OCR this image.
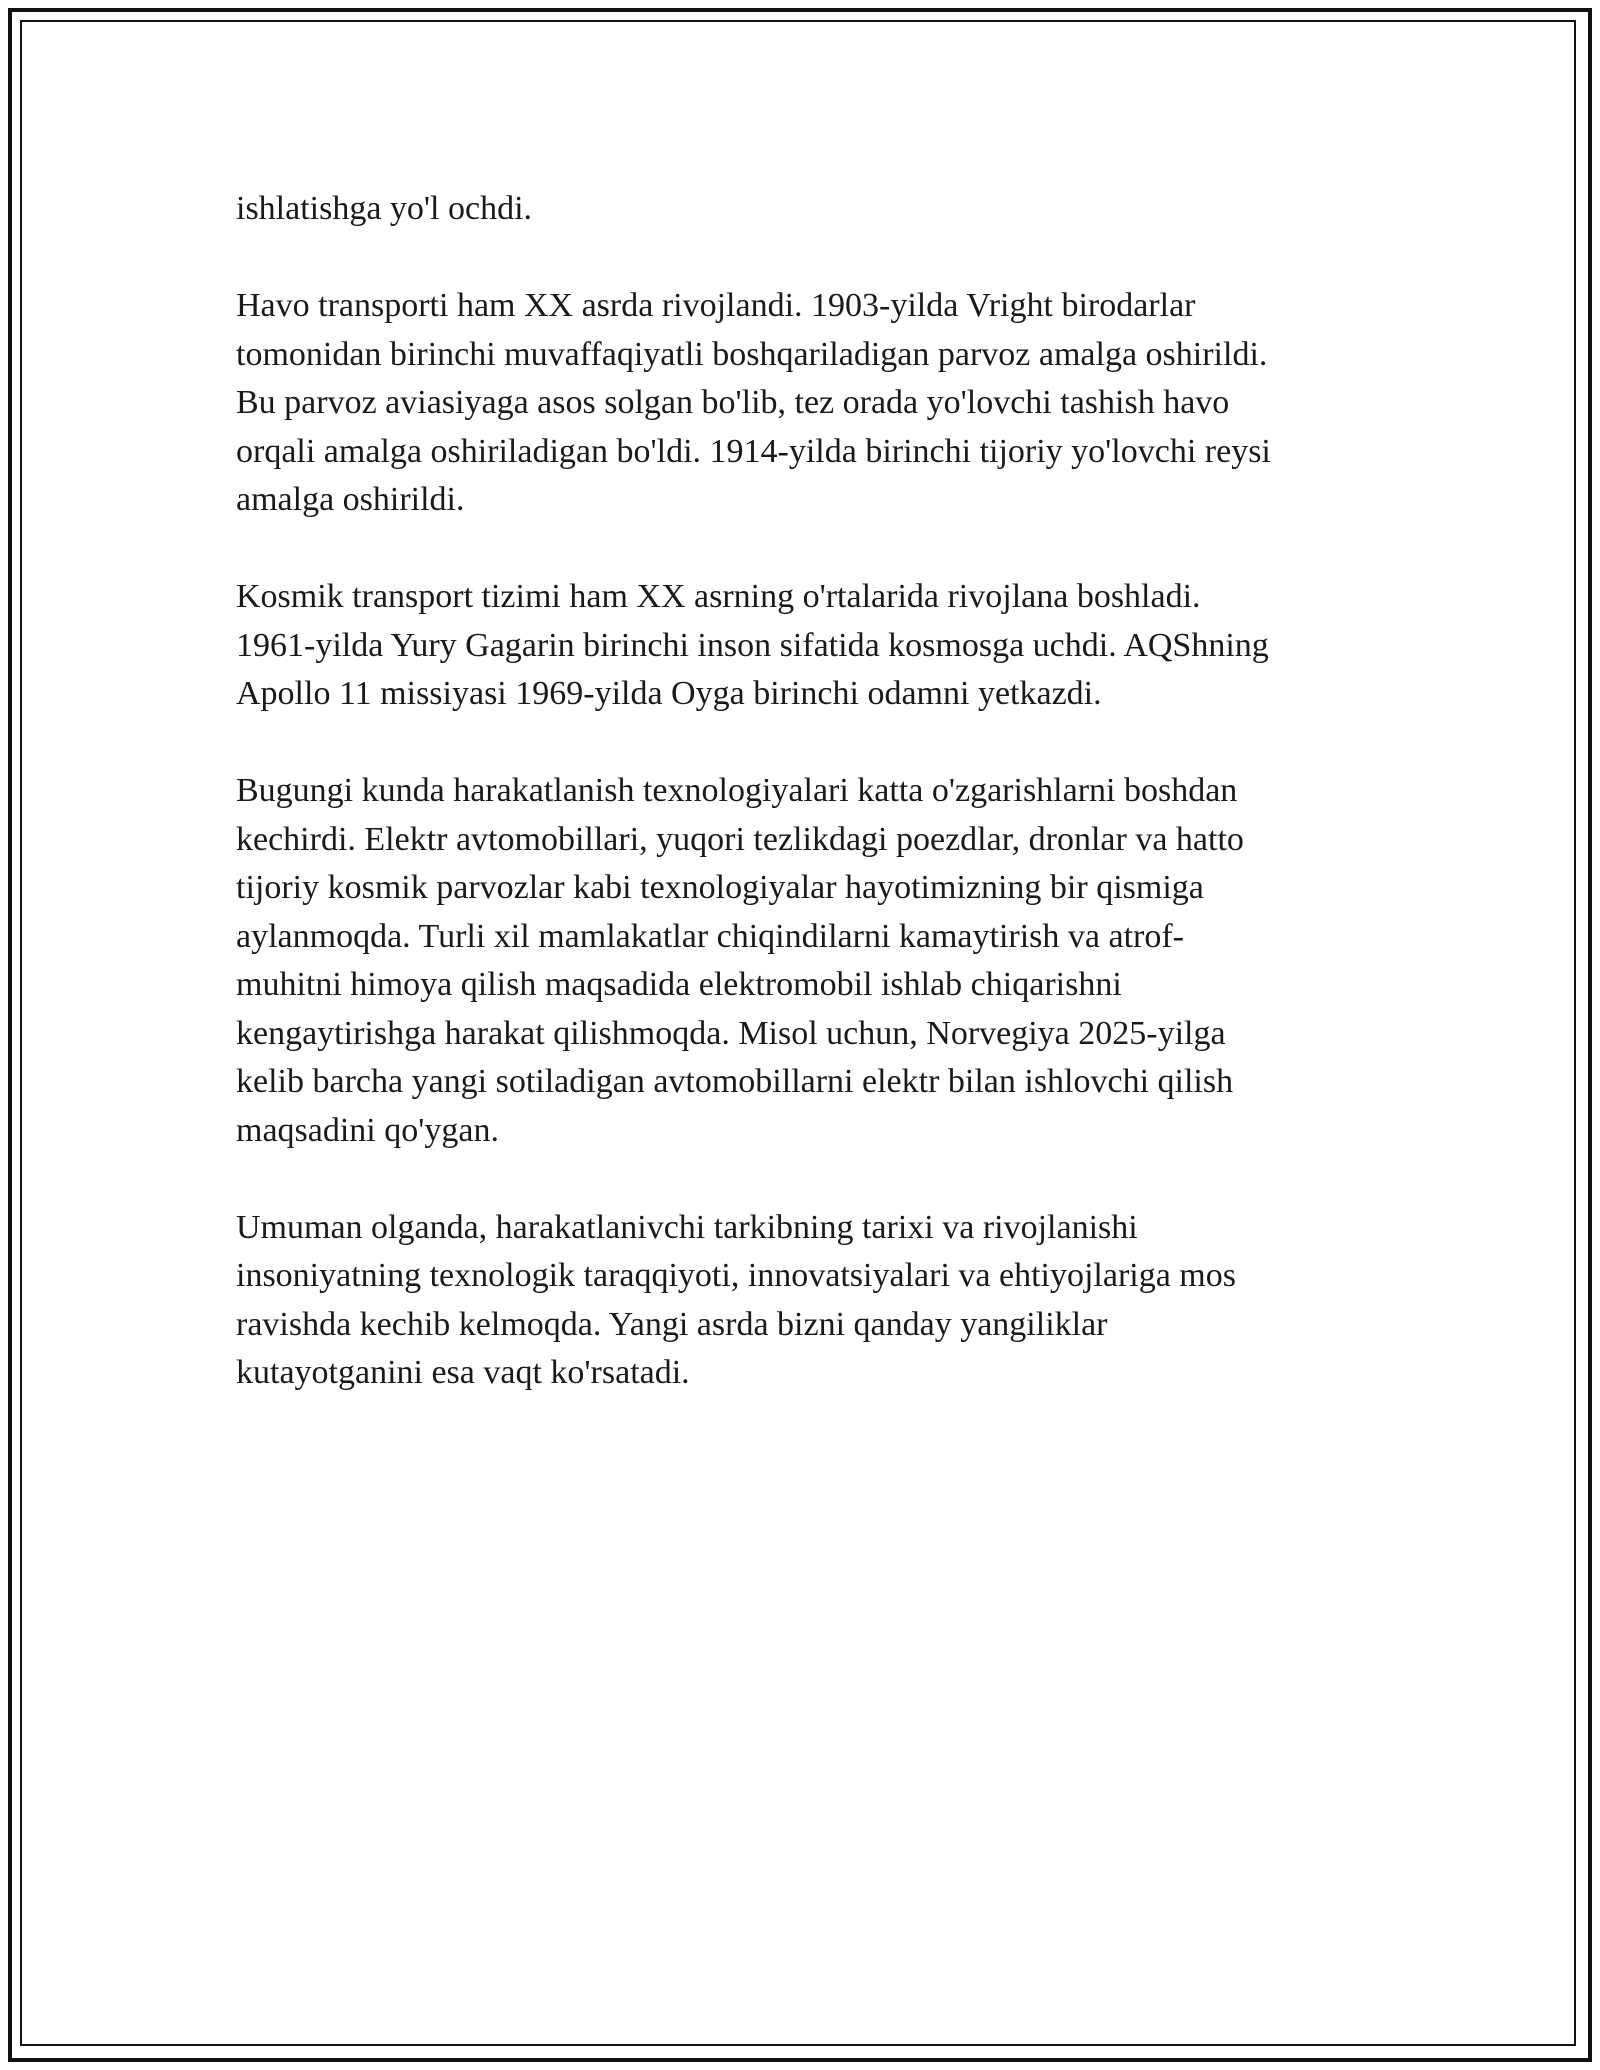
ishlatishga yo'l ochdi.

Havo transporti ham XX asrda rivojlandi. 1903-yilda Vright birodarlar
tomonidan birinchi muvaffaqiyatli boshqariladigan parvoz amalga oshirildi.
Bu parvoz aviasiyaga asos solgan bo'lib, tez orada yo'lovchi tashish havo
orqali amalga oshiriladigan bo'ldi. 1914-yilda birinchi tijoriy yo'lovchi reysi
amalga oshirildi.

Kosmik transport tizimi ham XX asrning o'rtalarida rivojlana boshladi.
1961-yilda Yury Gagarin birinchi inson sifatida kosmosga uchdi. AQShning
Apollo 11 missiyasi 1969-yilda Oyga birinchi odamni yetkazdi.

Bugungi kunda harakatlanish texnologiyalari katta o'zgarishlarni boshdan
kechirdi. Elektr avtomobillari, yuqori tezlikdagi poezdlar, dronlar va hatto
tijoriy kosmik parvozlar kabi texnologiyalar hayotimizning bir qismiga
aylanmoqda. Turli xil mamlakatlar chiqindilarni kamaytirish va atrof-
muhitni himoya qilish maqsadida elektromobil ishlab chiqarishni
kengaytirishga harakat qilishmoqda. Misol uchun, Norvegiya 2025-yilga
kelib barcha yangi sotiladigan avtomobillarni elektr bilan ishlovchi qilish
maqsadini qo'ygan.

Umuman olganda, harakatlanivchi tarkibning tarixi va rivojlanishi
insoniyatning texnologik taraqqiyoti, innovatsiyalari va ehtiyojlariga mos
ravishda kechib kelmoqda. Yangi asrda bizni qanday yangiliklar
kutayotganini esa vaqt ko'rsatadi.
